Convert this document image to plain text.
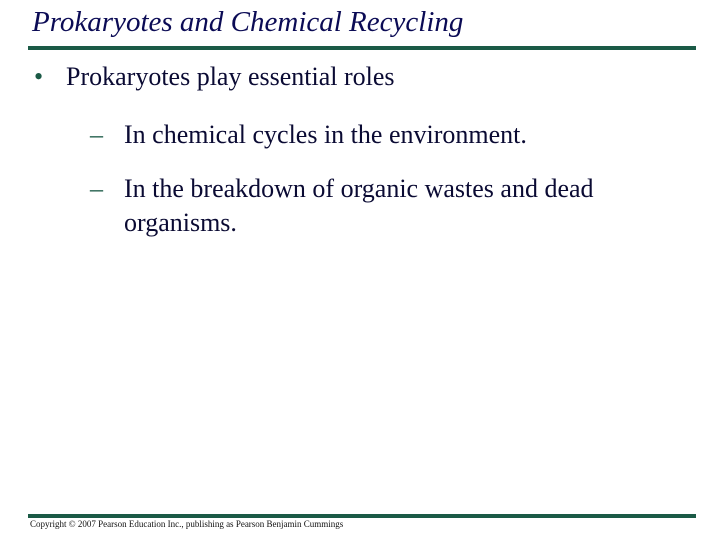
Prokaryotes and Chemical Recycling
• Prokaryotes play essential roles
– In chemical cycles in the environment.
– In the breakdown of organic wastes and dead organisms.
Copyright © 2007 Pearson Education Inc., publishing as Pearson Benjamin Cummings
